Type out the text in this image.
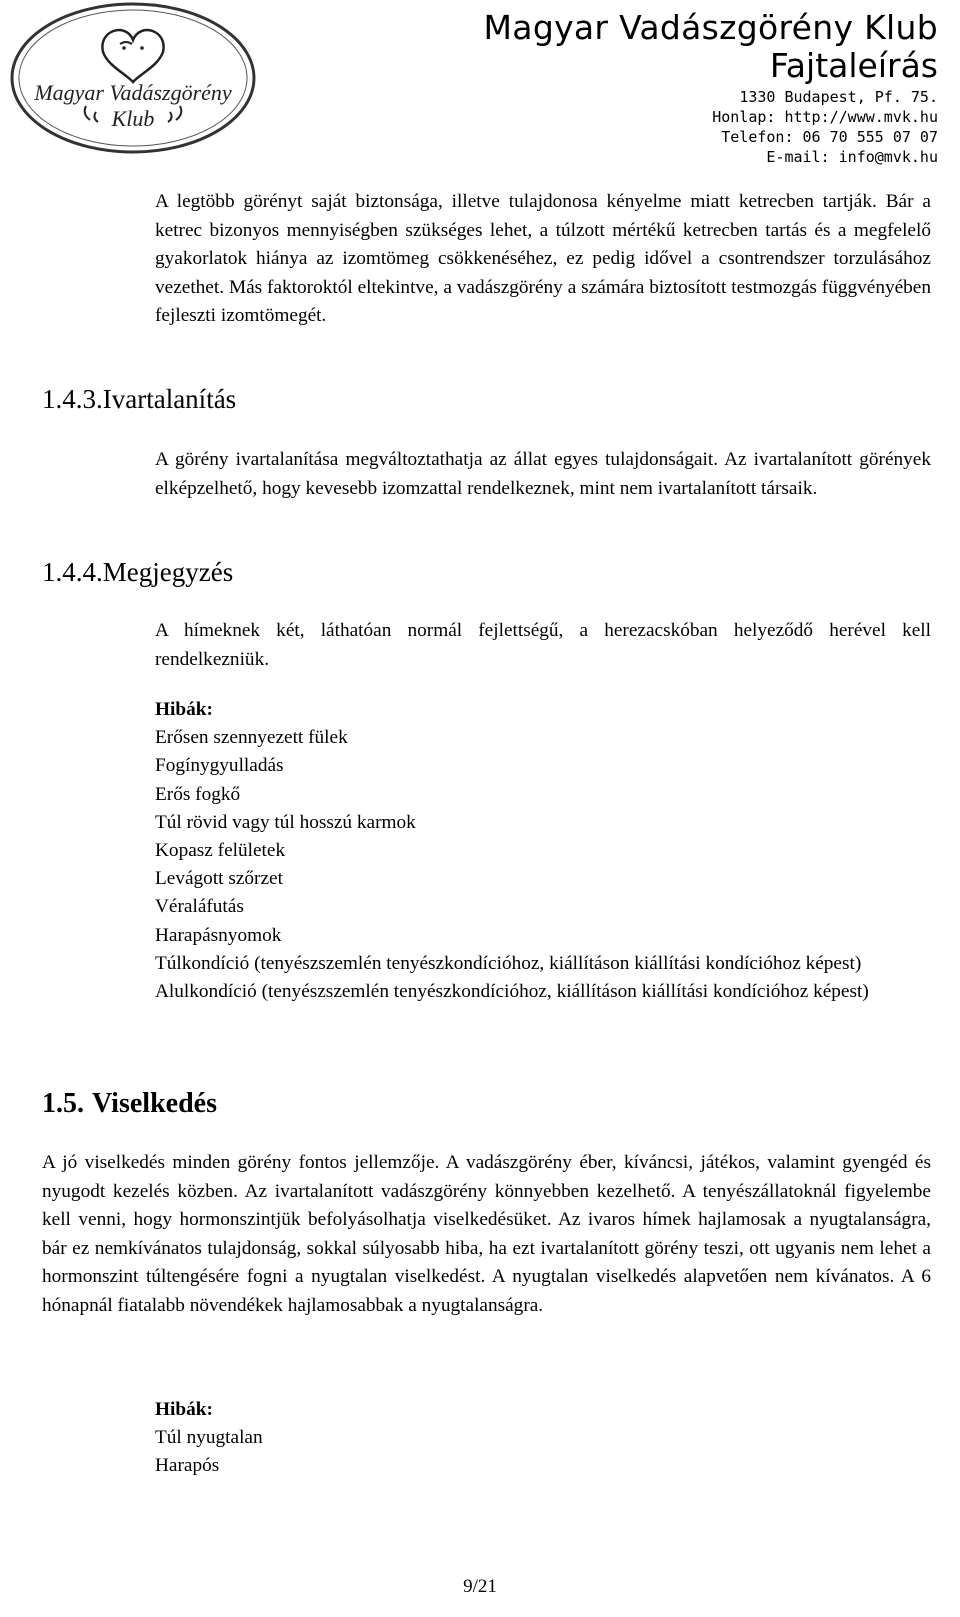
Magyar Vadászgörény
Klub
Magyar Vadászgörény Klub
Fajtaleírás
1330 Budapest, Pf. 75.
Honlap: http://www.mvk.hu
Telefon: 06 70 555 07 07
E-mail: info@mvk.hu
A legtöbb görényt saját biztonsága, illetve tulajdonosa kényelme miatt ketrecben tartják. Bár a ketrec bizonyos mennyiségben szükséges lehet, a túlzott mértékű ketrecben tartás és a megfelelő gyakorlatok hiánya az izomtömeg csökkenéséhez, ez pedig idővel a csontrendszer torzulásához vezethet. Más faktoroktól eltekintve, a vadászgörény a számára biztosított testmozgás függvényében fejleszti izomtömegét.
1.4.3.Ivartalanítás
A görény ivartalanítása megváltoztathatja az állat egyes tulajdonságait. Az ivartalanított görények elképzelhető, hogy kevesebb izomzattal rendelkeznek, mint nem ivartalanított társaik.
1.4.4.Megjegyzés
A hímeknek két, láthatóan normál fejlettségű, a herezacskóban helyeződő herével kell rendelkezniük.
Hibák:
Erősen szennyezett fülek
Fogínygyulladás
Erős fogkő
Túl rövid vagy túl hosszú karmok
Kopasz felületek
Levágott szőrzet
Véraláfutás
Harapásnyomok
Túlkondíció (tenyészszemlén tenyészkondícióhoz, kiállításon kiállítási kondícióhoz képest)
Alulkondíció (tenyészszemlén tenyészkondícióhoz, kiállításon kiállítási kondícióhoz képest)
1.5. Viselkedés
A jó viselkedés minden görény fontos jellemzője. A vadászgörény éber, kíváncsi, játékos, valamint gyengéd és nyugodt kezelés közben. Az ivartalanított vadászgörény könnyebben kezelhető. A tenyészállatoknál figyelembe kell venni, hogy hormonszintjük befolyásolhatja viselkedésüket. Az ivaros hímek hajlamosak a nyugtalanságra, bár ez nemkívánatos tulajdonság, sokkal súlyosabb hiba, ha ezt ivartalanított görény teszi, ott ugyanis nem lehet a hormonszint túltengésére fogni a nyugtalan viselkedést. A nyugtalan viselkedés alapvetően nem kívánatos. A 6 hónapnál fiatalabb növendékek hajlamosabbak a nyugtalanságra.
Hibák:
Túl nyugtalan
Harapós
9/21
